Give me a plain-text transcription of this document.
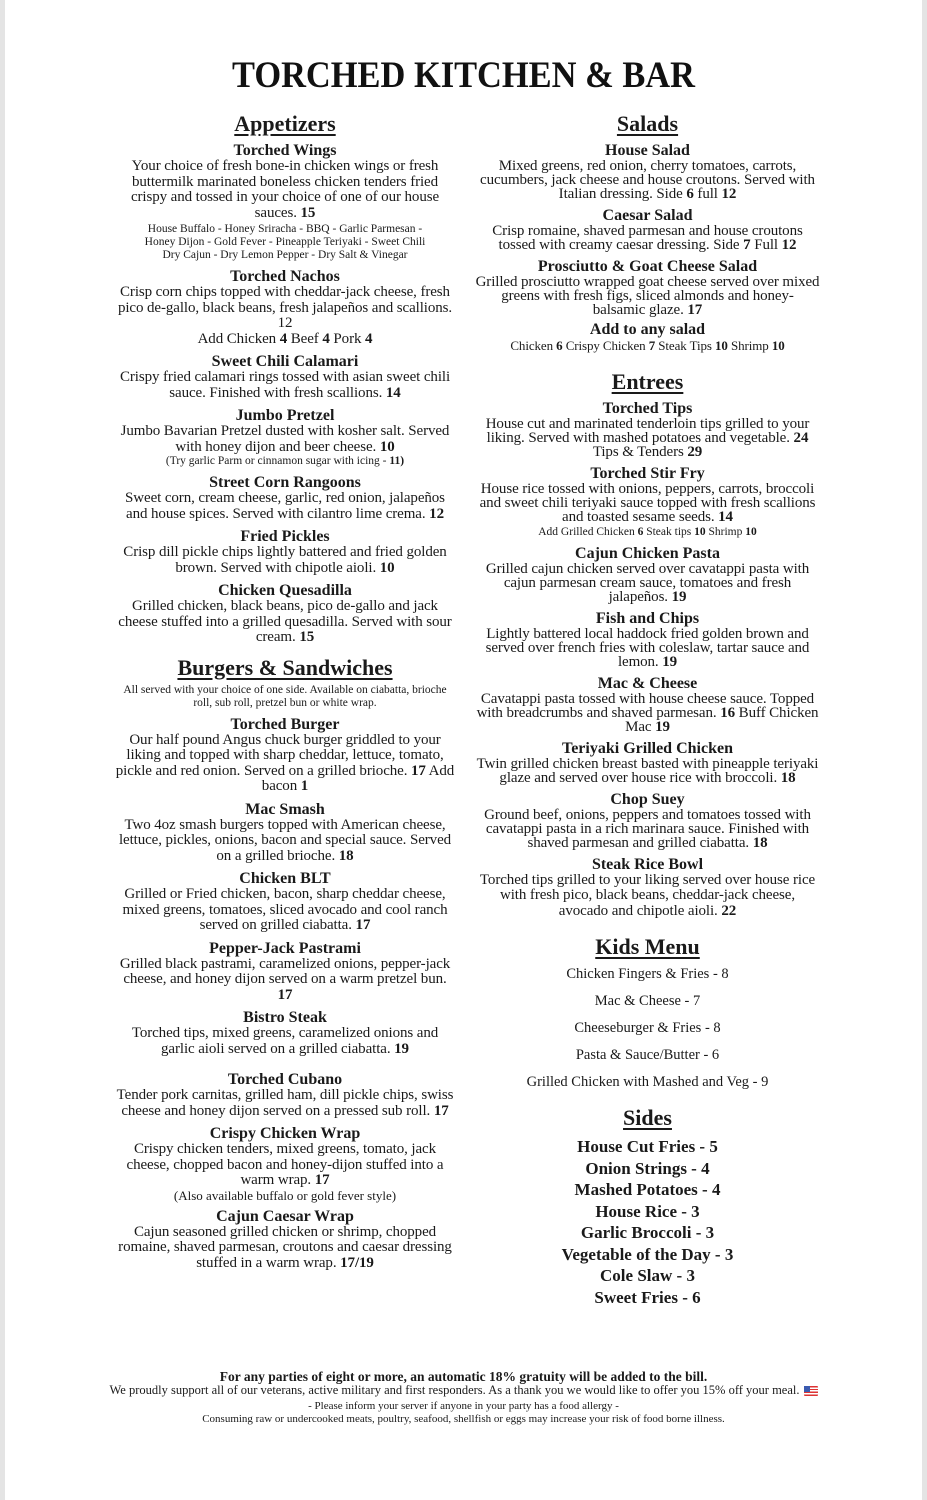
TORCHED KITCHEN & BAR
Appetizers
Torched Wings
Your choice of fresh bone-in chicken wings or fresh buttermilk marinated boneless chicken tenders fried crispy and tossed in your choice of one of our house sauces. 15
House Buffalo - Honey Sriracha - BBQ - Garlic Parmesan -
Honey Dijon - Gold Fever - Pineapple Teriyaki - Sweet Chili
Dry Cajun - Dry Lemon Pepper - Dry Salt & Vinegar
Torched Nachos
Crisp corn chips topped with cheddar-jack cheese, fresh pico de-gallo, black beans, fresh jalapeños and scallions. 12
Add Chicken 4 Beef 4 Pork 4
Sweet Chili Calamari
Crispy fried calamari rings tossed with asian sweet chili sauce. Finished with fresh scallions. 14
Jumbo Pretzel
Jumbo Bavarian Pretzel dusted with kosher salt. Served with honey dijon and beer cheese. 10
(Try garlic Parm or cinnamon sugar with icing - 11)
Street Corn Rangoons
Sweet corn, cream cheese, garlic, red onion, jalapeños and house spices. Served with cilantro lime crema. 12
Fried Pickles
Crisp dill pickle chips lightly battered and fried golden brown. Served with chipotle aioli. 10
Chicken Quesadilla
Grilled chicken, black beans, pico de-gallo and jack cheese stuffed into a grilled quesadilla. Served with sour cream. 15
Burgers & Sandwiches
All served with your choice of one side. Available on ciabatta, brioche roll, sub roll, pretzel bun or white wrap.
Torched Burger
Our half pound Angus chuck burger griddled to your liking and topped with sharp cheddar, lettuce, tomato, pickle and red onion. Served on a grilled brioche. 17 Add bacon 1
Mac Smash
Two 4oz smash burgers topped with American cheese, lettuce, pickles, onions, bacon and special sauce. Served on a grilled brioche. 18
Chicken BLT
Grilled or Fried chicken, bacon, sharp cheddar cheese, mixed greens, tomatoes, sliced avocado and cool ranch served on grilled ciabatta. 17
Pepper-Jack Pastrami
Grilled black pastrami, caramelized onions, pepper-jack cheese, and honey dijon served on a warm pretzel bun. 17
Bistro Steak
Torched tips, mixed greens, caramelized onions and garlic aioli served on a grilled ciabatta. 19
Torched Cubano
Tender pork carnitas, grilled ham, dill pickle chips, swiss cheese and honey dijon served on a pressed sub roll. 17
Crispy Chicken Wrap
Crispy chicken tenders, mixed greens, tomato, jack cheese, chopped bacon and honey-dijon stuffed into a warm wrap. 17
(Also available buffalo or gold fever style)
Cajun Caesar Wrap
Cajun seasoned grilled chicken or shrimp, chopped romaine, shaved parmesan, croutons and caesar dressing stuffed in a warm wrap. 17/19
Salads
House Salad
Mixed greens, red onion, cherry tomatoes, carrots, cucumbers, jack cheese and house croutons. Served with Italian dressing. Side 6 full 12
Caesar Salad
Crisp romaine, shaved parmesan and house croutons tossed with creamy caesar dressing. Side 7 Full 12
Prosciutto & Goat Cheese Salad
Grilled prosciutto wrapped goat cheese served over mixed greens with fresh figs, sliced almonds and honey-balsamic glaze. 17
Add to any salad
Chicken 6 Crispy Chicken 7 Steak Tips 10 Shrimp 10
Entrees
Torched Tips
House cut and marinated tenderloin tips grilled to your liking. Served with mashed potatoes and vegetable. 24 Tips & Tenders 29
Torched Stir Fry
House rice tossed with onions, peppers, carrots, broccoli and sweet chili teriyaki sauce topped with fresh scallions and toasted sesame seeds. 14
Add Grilled Chicken 6 Steak tips 10 Shrimp 10
Cajun Chicken Pasta
Grilled cajun chicken served over cavatappi pasta with cajun parmesan cream sauce, tomatoes and fresh jalapeños. 19
Fish and Chips
Lightly battered local haddock fried golden brown and served over french fries with coleslaw, tartar sauce and lemon. 19
Mac & Cheese
Cavatappi pasta tossed with house cheese sauce. Topped with breadcrumbs and shaved parmesan. 16 Buff Chicken Mac 19
Teriyaki Grilled Chicken
Twin grilled chicken breast basted with pineapple teriyaki glaze and served over house rice with broccoli. 18
Chop Suey
Ground beef, onions, peppers and tomatoes tossed with cavatappi pasta in a rich marinara sauce. Finished with shaved parmesan and grilled ciabatta. 18
Steak Rice Bowl
Torched tips grilled to your liking served over house rice with fresh pico, black beans, cheddar-jack cheese, avocado and chipotle aioli. 22
Kids Menu
Chicken Fingers & Fries - 8
Mac & Cheese - 7
Cheeseburger & Fries - 8
Pasta & Sauce/Butter - 6
Grilled Chicken with Mashed and Veg - 9
Sides
House Cut Fries - 5
Onion Strings - 4
Mashed Potatoes - 4
House Rice - 3
Garlic Broccoli - 3
Vegetable of the Day - 3
Cole Slaw - 3
Sweet Fries - 6
For any parties of eight or more, an automatic 18% gratuity will be added to the bill.
We proudly support all of our veterans, active military and first responders. As a thank you we would like to offer you 15% off your meal.
- Please inform your server if anyone in your party has a food allergy -
Consuming raw or undercooked meats, poultry, seafood, shellfish or eggs may increase your risk of food borne illness.
